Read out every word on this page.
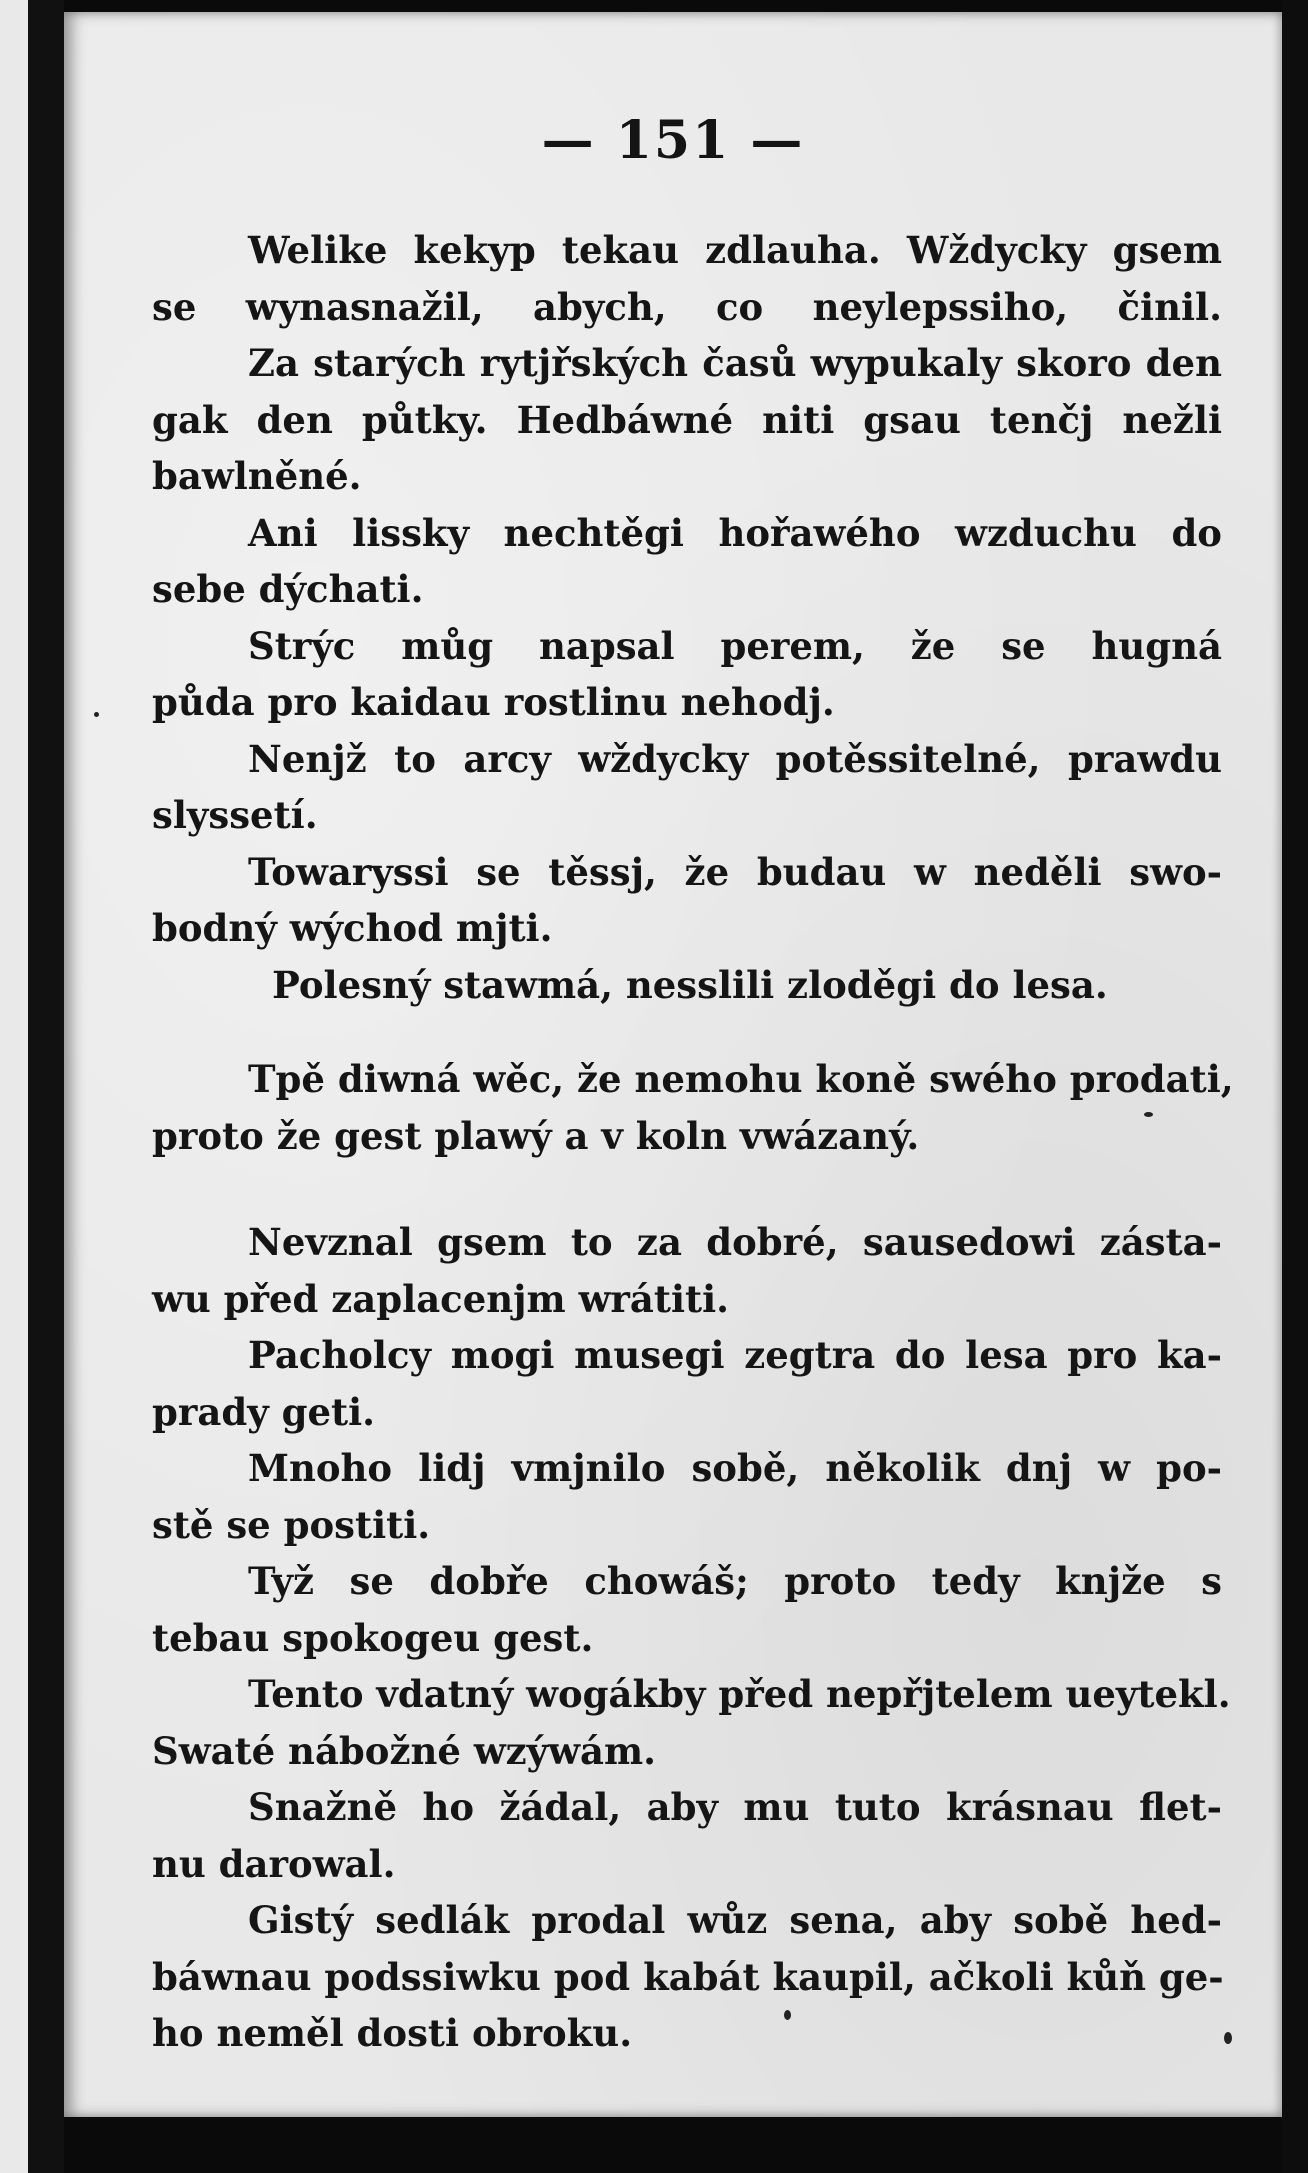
— 151 —
Welike kekyp tekau zdlauha. Wždycky gsem
se wynasnažil, abych, co neylepssiho, činil.
Za starých rytjřských časů wypukaly skoro den
gak den půtky. Hedbáwné niti gsau tenčj nežli
bawlněné.
Ani lissky nechtěgi hořawého wzduchu do
sebe dýchati.
Strýc můg napsal perem, že se hugná
půda pro kaidau rostlinu nehodj.
Nenjž to arcy wždycky potěssitelné, prawdu
slyssetí.
Towaryssi se těssj, že budau w neděli swo-
bodný wýchod mjti.
Polesný stawmá, nesslili zloděgi do lesa.
Tpě diwná wěc, že nemohu koně swého prodati,
proto že gest plawý a v koln vwázaný.
Nevznal gsem to za dobré, sausedowi zásta-
wu před zaplacenjm wrátiti.
Pacholcy mogi musegi zegtra do lesa pro ka-
prady geti.
Mnoho lidj vmjnilo sobě, několik dnj w po-
stě se postiti.
Tyž se dobře chowáš; proto tedy knjže s
tebau spokogeu gest.
Tento vdatný wogákby před nepřjtelem ueytekl.
Swaté nábožné wzýwám.
Snažně ho žádal, aby mu tuto krásnau flet-
nu darowal.
Gistý sedlák prodal wůz sena, aby sobě hed-
báwnau podssiwku pod kabát kaupil, ačkoli kůň ge-
ho neměl dosti obroku.
